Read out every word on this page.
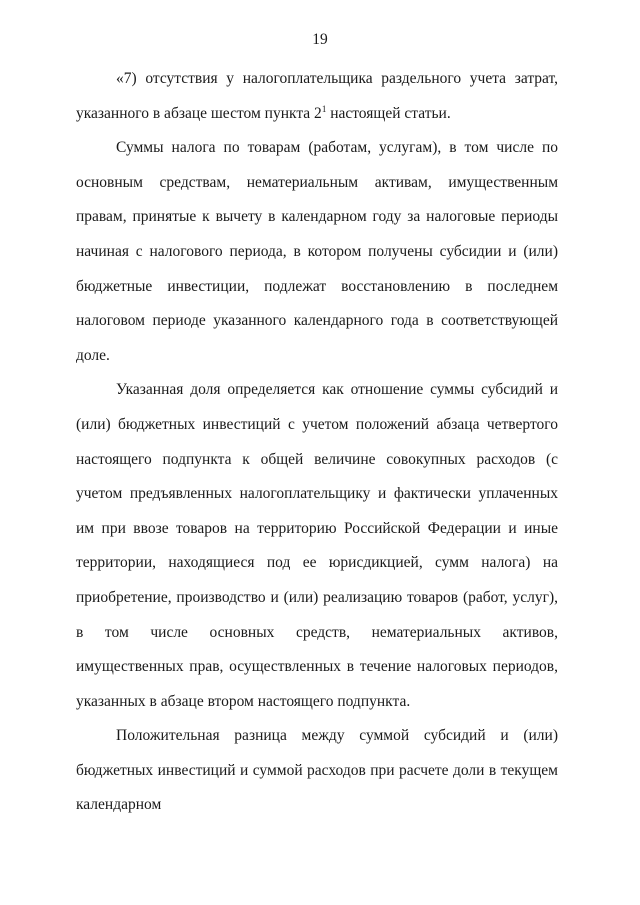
19

«7) отсутствия у налогоплательщика раздельного учета затрат, указанного в абзаце шестом пункта $2^1$ настоящей статьи.

Суммы налога по товарам (работам, услугам), в том числе по основным средствам, нематериальным активам, имущественным правам, принятые к вычету в календарном году за налоговые периоды начиная с налогового периода, в котором получены субсидии и (или) бюджетные инвестиции, подлежат восстановлению в последнем налоговом периоде указанного календарного года в соответствующей доле.

Указанная доля определяется как отношение суммы субсидий и (или) бюджетных инвестиций с учетом положений абзаца четвертого настоящего подпункта к общей величине совокупных расходов (с учетом предъявленных налогоплательщику и фактически уплаченных им при ввозе товаров на территорию Российской Федерации и иные территории, находящиеся под ее юрисдикцией, сумм налога) на приобретение, производство и (или) реализацию товаров (работ, услуг), в том числе основных средств, нематериальных активов, имущественных прав, осуществленных в течение налоговых периодов, указанных в абзаце втором настоящего подпункта.

Положительная разница между суммой субсидий и (или) бюджетных инвестиций и суммой расходов при расчете доли в текущем календарном
